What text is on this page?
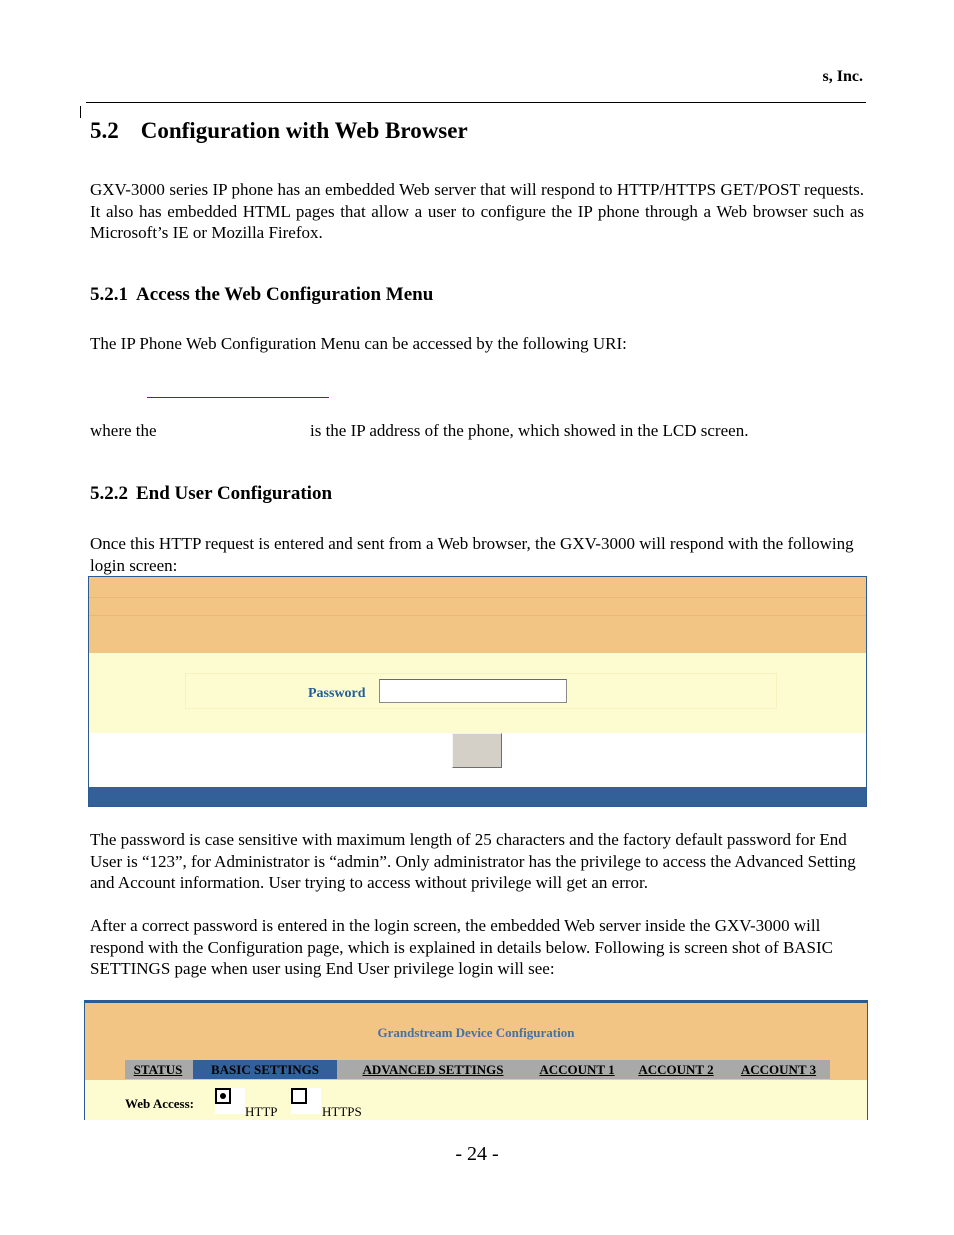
s, Inc.
5.2 Configuration with Web Browser
GXV-3000 series IP phone has an embedded Web server that will respond to HTTP/HTTPS GET/POST requests. It also has embedded HTML pages that allow a user to configure the IP phone through a Web browser such as Microsoft’s IE or Mozilla Firefox.
5.2.1 Access the Web Configuration Menu
The IP Phone Web Configuration Menu can be accessed by the following URI:
where the	is the IP address of the phone, which showed in the LCD screen.
5.2.2 End User Configuration
Once this HTTP request is entered and sent from a Web browser, the GXV-3000 will respond with the following login screen:
Password
The password is case sensitive with maximum length of 25 characters and the factory default password for End User is “123”, for Administrator is “admin”. Only administrator has the privilege to access the Advanced Setting and Account information. User trying to access without privilege will get an error.
After a correct password is entered in the login screen, the embedded Web server inside the GXV-3000 will respond with the Configuration page, which is explained in details below. Following is screen shot of BASIC SETTINGS page when user using End User privilege login will see:
Grandstream Device Configuration
STATUS	BASIC SETTINGS	ADVANCED SETTINGS	ACCOUNT 1	ACCOUNT 2	ACCOUNT 3
Web Access:
HTTP	HTTPS
- 24 -
